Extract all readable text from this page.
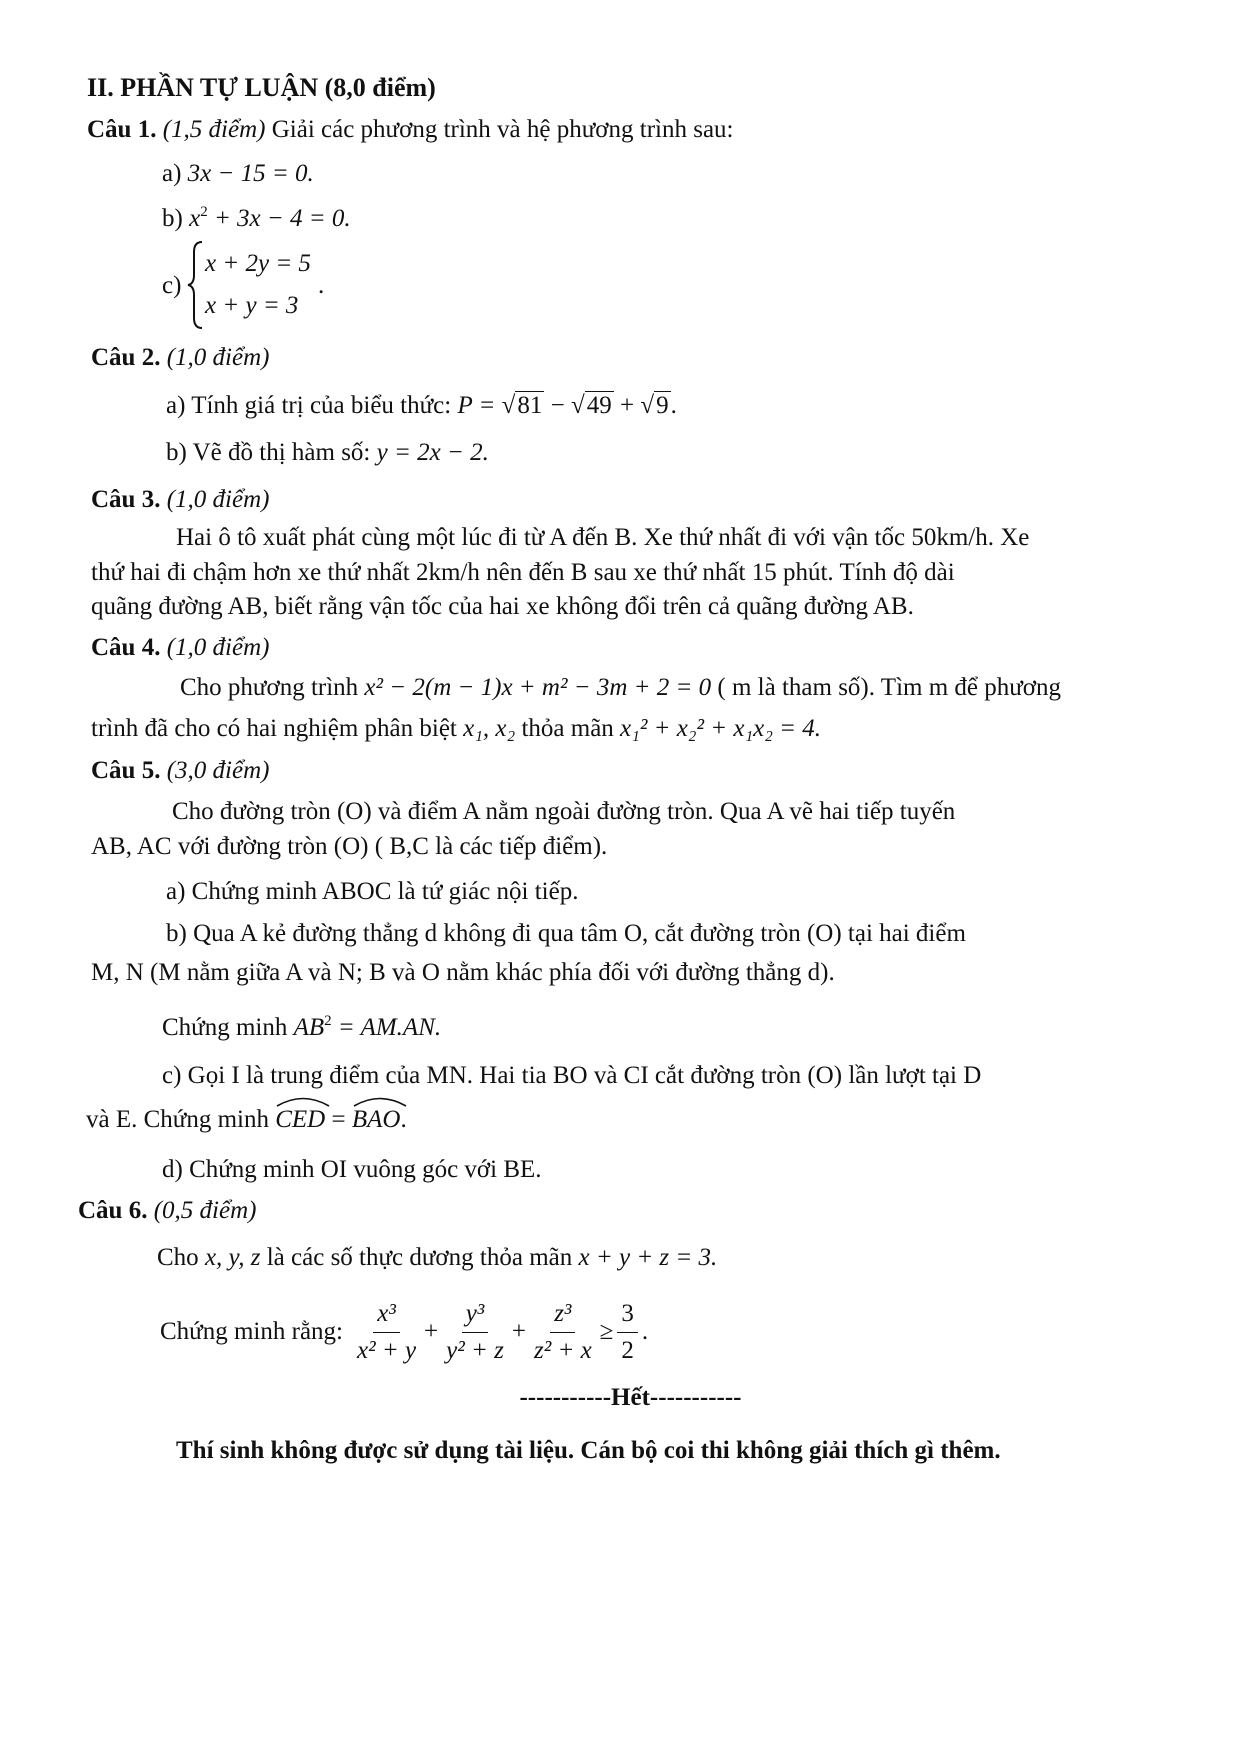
II. PHẦN TỰ LUẬN (8,0 điểm)
Câu 1. (1,5 điểm) Giải các phương trình và hệ phương trình sau:
a) 3x − 15 = 0.
b) $x^2 + 3x - 4 = 0$.
c)
x + 2y = 5
x + y = 3
.
Câu 2. (1,0 điểm)
a) Tính giá trị của biểu thức: P = √81 − √49 + √9.
b) Vẽ đồ thị hàm số: y = 2x − 2.
Câu 3. (1,0 điểm)
Hai ô tô xuất phát cùng một lúc đi từ A đến B. Xe thứ nhất đi với vận tốc 50km/h. Xe
thứ hai đi chậm hơn xe thứ nhất 2km/h nên đến B sau xe thứ nhất 15 phút. Tính độ dài
quãng đường AB, biết rằng vận tốc của hai xe không đổi trên cả quãng đường AB.
Câu 4. (1,0 điểm)
Cho phương trình x² − 2(m − 1)x + m² − 3m + 2 = 0 ( m là tham số). Tìm m để phương
trình đã cho có hai nghiệm phân biệt x₁, x₂ thỏa mãn x₁² + x₂² + x₁x₂ = 4.
Câu 5. (3,0 điểm)
Cho đường tròn (O) và điểm A nằm ngoài đường tròn. Qua A vẽ hai tiếp tuyến
AB, AC với đường tròn (O) ( B,C là các tiếp điểm).
a) Chứng minh ABOC là tứ giác nội tiếp.
b) Qua A kẻ đường thẳng d không đi qua tâm O, cắt đường tròn (O) tại hai điểm
M, N (M nằm giữa A và N; B và O nằm khác phía đối với đường thẳng d).
Chứng minh $AB^2 = AM.AN$.
c) Gọi I là trung điểm của MN. Hai tia BO và CI cắt đường tròn (O) lần lượt tại D
và E. Chứng minh CED = BAO.
d) Chứng minh OI vuông góc với BE.
Câu 6. (0,5 điểm)
Cho x, y, z là các số thực dương thỏa mãn x + y + z = 3.
Chứng minh rằng: $\frac{\text{x³}}{\text{x² + y}} + \frac{\text{y³}}{\text{y² + z}} + \frac{\text{z³}}{\text{z² + x}} \ge \frac{3}{2}$ .
-----------Hết-----------
Thí sinh không được sử dụng tài liệu. Cán bộ coi thi không giải thích gì thêm.
